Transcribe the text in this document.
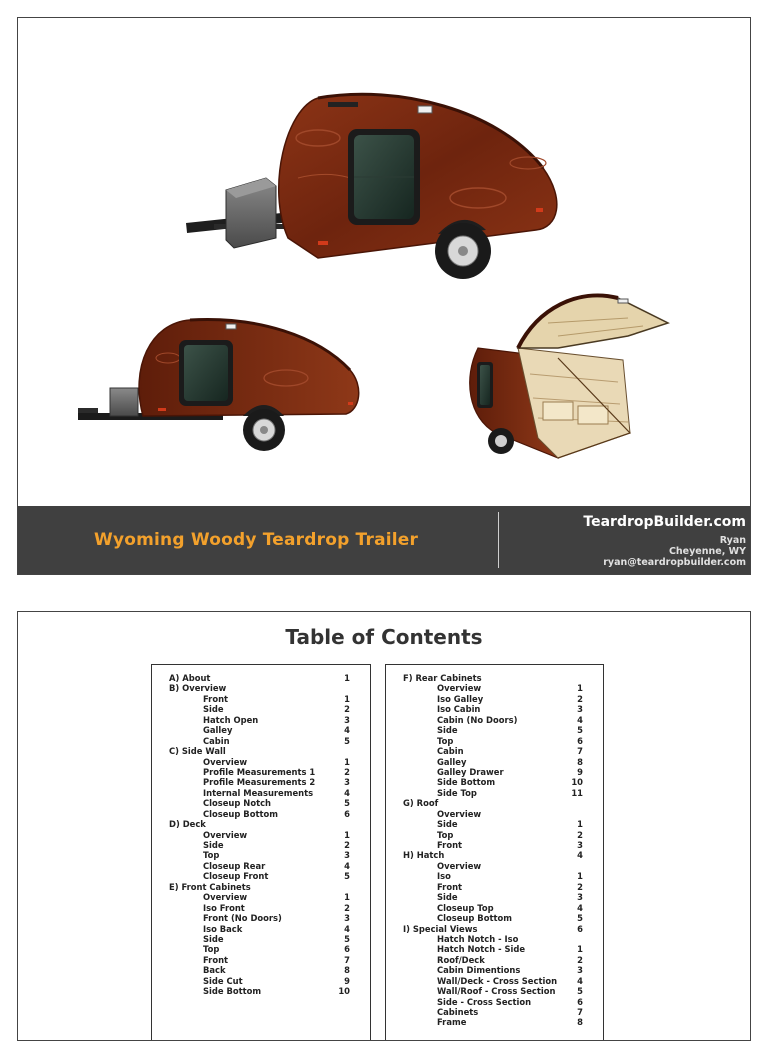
Wyoming Woody Teardrop Trailer
TeardropBuilder.com
Ryan
Cheyenne, WY
ryan@teardropbuilder.com
Table of Contents
A) About	1
B) Overview
Front	1
Side	2
Hatch Open	3
Galley	4
Cabin	5
C) Side Wall
Overview	1
Profile Measurements 1	2
Profile Measurements 2	3
Internal Measurements	4
Closeup Notch	5
Closeup Bottom	6
D) Deck
Overview	1
Side	2
Top	3
Closeup Rear	4
Closeup Front	5
E) Front Cabinets
Overview	1
Iso Front	2
Front (No Doors)	3
Iso Back	4
Side	5
Top	6
Front	7
Back	8
Side Cut	9
Side Bottom	10
F) Rear Cabinets
Overview	1
Iso Galley	2
Iso Cabin	3
Cabin (No Doors)	4
Side	5
Top	6
Cabin	7
Galley	8
Galley Drawer	9
Side Bottom	10
Side Top	11
G) Roof
Overview
Side	1
Top	2
Front	3
H) Hatch	4
Overview
Iso	1
Front	2
Side	3
Closeup Top	4
Closeup Bottom	5
I) Special Views	6
Hatch Notch - Iso
Hatch Notch - Side	1
Roof/Deck	2
Cabin Dimentions	3
Wall/Deck - Cross Section 4
Wall/Roof - Cross Section	5
Side - Cross Section	6
Cabinets	7
Frame	8
